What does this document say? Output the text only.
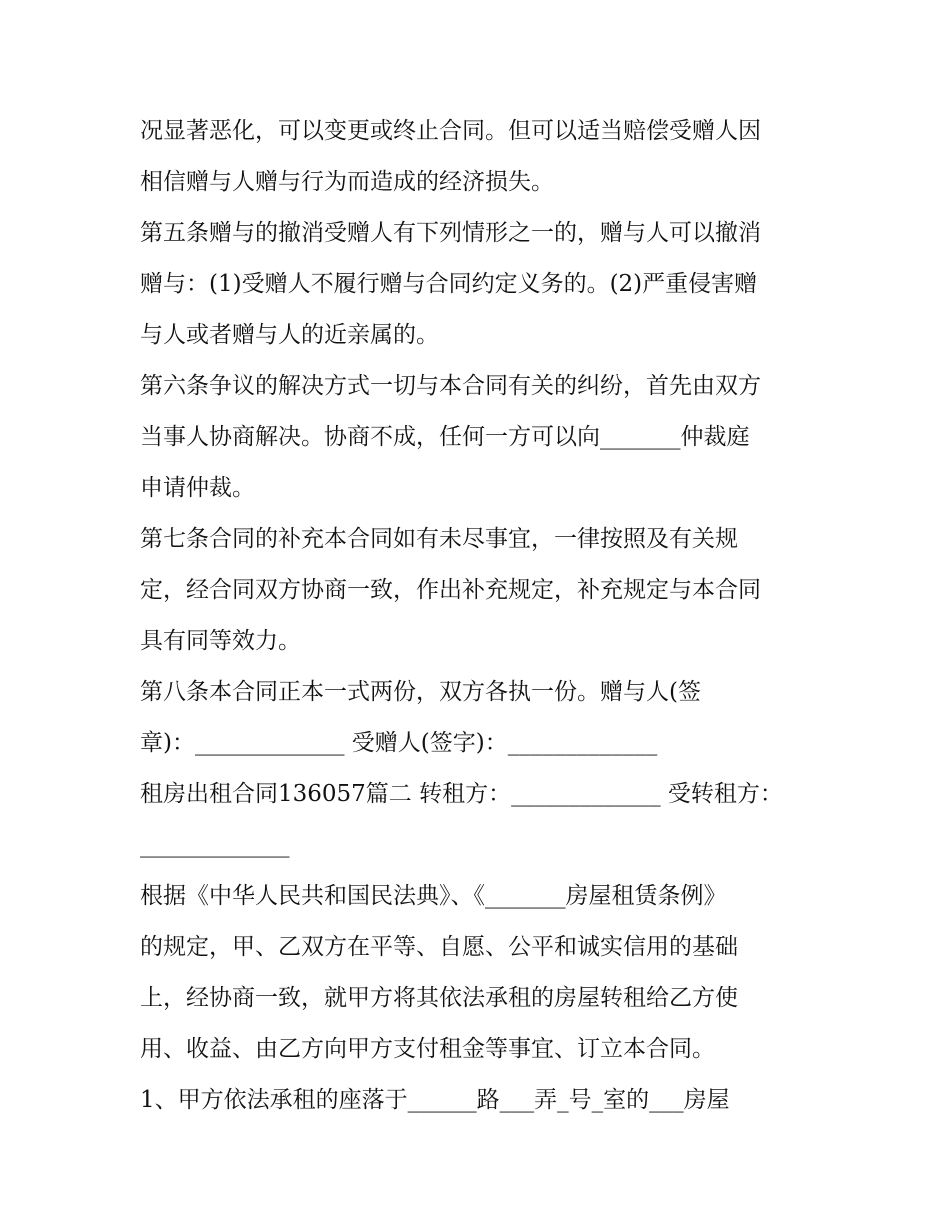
况显著恶化，可以变更或终止合同。但可以适当赔偿受赠人因
相信赠与人赠与行为而造成的经济损失。
第五条赠与的撤消受赠人有下列情形之一的，赠与人可以撤消
赠与：(1)受赠人不履行赠与合同约定义务的。(2)严重侵害赠
与人或者赠与人的近亲属的。
第六条争议的解决方式一切与本合同有关的纠纷，首先由双方
当事人协商解决。协商不成，任何一方可以向_______仲裁庭
申请仲裁。
第七条合同的补充本合同如有未尽事宜，一律按照及有关规
定，经合同双方协商一致，作出补充规定，补充规定与本合同
具有同等效力。
第八条本合同正本一式两份，双方各执一份。赠与人(签
章)：_____________ 受赠人(签字)：_____________
租房出租合同136057篇二 转租方：_____________ 受转租方：
_____________
根据《中华人民共和国民法典》、《_______房屋租赁条例》
的规定，甲、乙双方在平等、自愿、公平和诚实信用的基础
上，经协商一致，就甲方将其依法承租的房屋转租给乙方使
用、收益、由乙方向甲方支付租金等事宜、订立本合同。
1、甲方依法承租的座落于______路___弄_号_室的___房屋
